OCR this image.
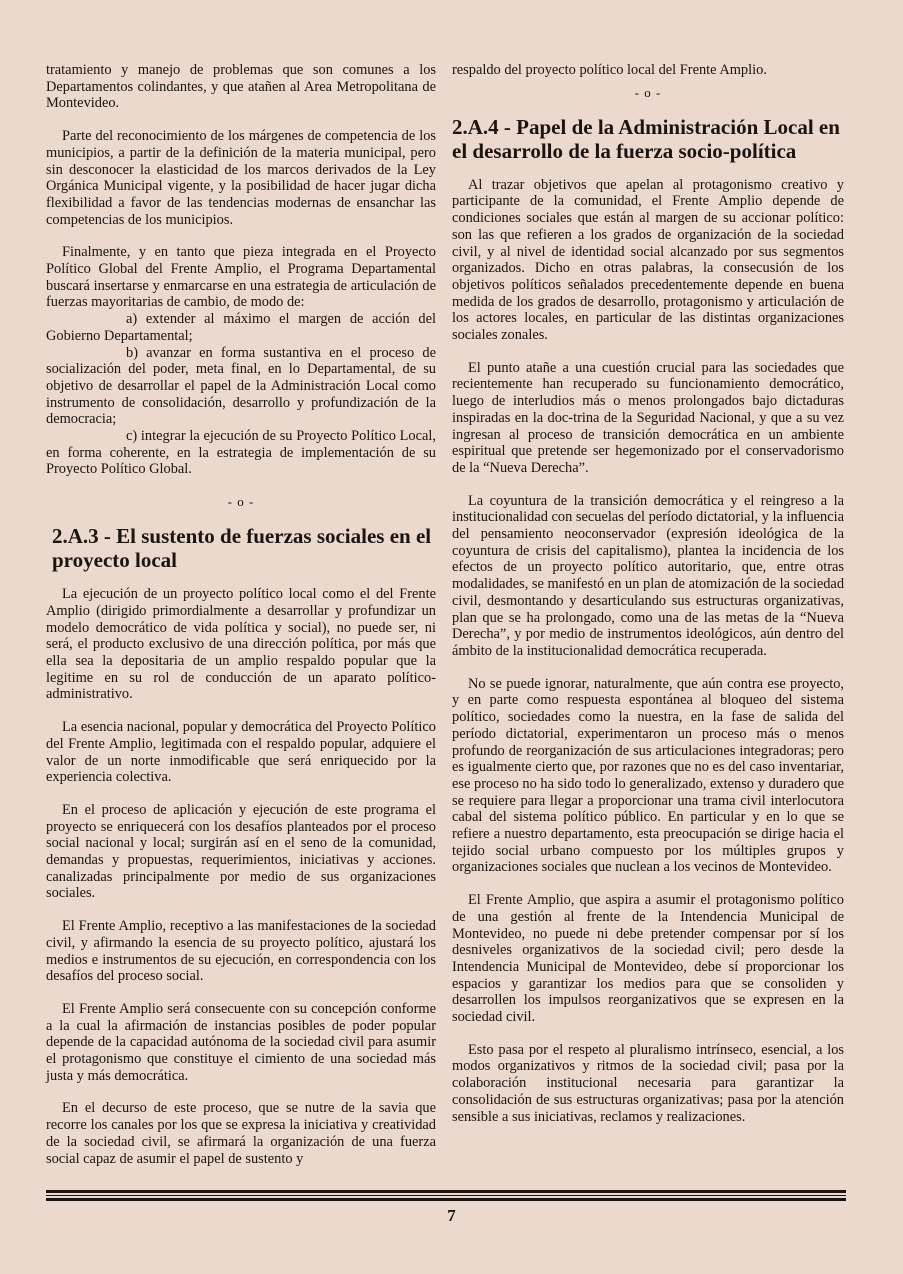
tratamiento y manejo de problemas que son comunes a los Departamentos colindantes, y que atañen al Area Metropolitana de Montevideo.

Parte del reconocimiento de los márgenes de competencia de los municipios, a partir de la definición de la materia municipal, pero sin desconocer la elasticidad de los marcos derivados de la Ley Orgánica Municipal vigente, y la posibilidad de hacer jugar dicha flexibilidad a favor de las tendencias modernas de ensanchar las competencias de los municipios.

Finalmente, y en tanto que pieza integrada en el Proyecto Político Global del Frente Amplio, el Programa Departamental buscará insertarse y enmarcarse en una estrategia de articulación de fuerzas mayoritarias de cambio, de modo de:

a) extender al máximo el margen de acción del Gobierno Departamental;
b) avanzar en forma sustantiva en el proceso de socialización del poder, meta final, en lo Departamental, de su objetivo de desarrollar el papel de la Administración Local como instrumento de consolidación, desarrollo y profundización de la democracia;
c) integrar la ejecución de su Proyecto Político Local, en forma coherente, en la estrategia de implementación de su Proyecto Político Global.
- o -
2.A.3 - El sustento de fuerzas sociales en el proyecto local

La ejecución de un proyecto político local como el del Frente Amplio (dirigido primordialmente a desarrollar y profundizar un modelo democrático de vida política y social), no puede ser, ni será, el producto exclusivo de una dirección política, por más que ella sea la depositaria de un amplio respaldo popular que la legitime en su rol de conducción de un aparato político-administrativo.

La esencia nacional, popular y democrática del Proyecto Político del Frente Amplio, legitimada con el respaldo popular, adquiere el valor de un norte inmodificable que será enriquecido por la experiencia colectiva.

En el proceso de aplicación y ejecución de este programa el proyecto se enriquecerá con los desafíos planteados por el proceso social nacional y local; surgirán así en el seno de la comunidad, demandas y propuestas, requerimientos, iniciativas y acciones. canalizadas principalmente por medio de sus organizaciones sociales.

El Frente Amplio, receptivo a las manifestaciones de la sociedad civil, y afirmando la esencia de su proyecto político, ajustará los medios e instrumentos de su ejecución, en correspondencia con los desafíos del proceso social.

El Frente Amplio será consecuente con su concepción conforme a la cual la afirmación de instancias posibles de poder popular depende de la capacidad autónoma de la sociedad civil para asumir el protagonismo que constituye el cimiento de una sociedad más justa y más democrática.

En el decurso de este proceso, que se nutre de la savia que recorre los canales por los que se expresa la iniciativa y creatividad de la sociedad civil, se afirmará la organización de una fuerza social capaz de asumir el papel de sustento y

respaldo del proyecto político local del Frente Amplio.

- o -
2.A.4 - Papel de la Administración Local en el desarrollo de la fuerza socio-política

Al trazar objetivos que apelan al protagonismo creativo y participante de la comunidad, el Frente Amplio depende de condiciones sociales que están al margen de su accionar político: son las que refieren a los grados de organización de la sociedad civil, y al nivel de identidad social alcanzado por sus segmentos organizados. Dicho en otras palabras, la consecusión de los objetivos políticos señalados precedentemente depende en buena medida de los grados de desarrollo, protagonismo y articulación de los actores locales, en particular de las distintas organizaciones sociales zonales.

El punto atañe a una cuestión crucial para las sociedades que recientemente han recuperado su funcionamiento democrático, luego de interludios más o menos prolongados bajo dictaduras inspiradas en la doc-trina de la Seguridad Nacional, y que a su vez ingresan al proceso de transición democrática en un ambiente espiritual que pretende ser hegemonizado por el conservadorismo de la “Nueva Derecha”.

La coyuntura de la transición democrática y el reingreso a la institucionalidad con secuelas del período dictatorial, y la influencia del pensamiento neoconservador (expresión ideológica de la coyuntura de crisis del capitalismo), plantea la incidencia de los efectos de un proyecto político autoritario, que, entre otras modalidades, se manifestó en un plan de atomización de la sociedad civil, desmontando y desarticulando sus estructuras organizativas, plan que se ha prolongado, como una de las metas de la “Nueva Derecha”, y por medio de instrumentos ideológicos, aún dentro del ámbito de la institucionalidad democrática recuperada.

No se puede ignorar, naturalmente, que aún contra ese proyecto, y en parte como respuesta espontánea al bloqueo del sistema político, sociedades como la nuestra, en la fase de salida del período dictatorial, experimentaron un proceso más o menos profundo de reorganización de sus articulaciones integradoras; pero es igualmente cierto que, por razones que no es del caso inventariar, ese proceso no ha sido todo lo generalizado, extenso y duradero que se requiere para llegar a proporcionar una trama civil interlocutora cabal del sistema político público. En particular y en lo que se refiere a nuestro departamento, esta preocupación se dirige hacia el tejido social urbano compuesto por los múltiples grupos y organizaciones sociales que nuclean a los vecinos de Montevideo.

El Frente Amplio, que aspira a asumir el protagonismo político de una gestión al frente de la Intendencia Municipal de Montevideo, no puede ni debe pretender compensar por sí los desniveles organizativos de la sociedad civil; pero desde la Intendencia Municipal de Montevideo, debe sí proporcionar los espacios y garantizar los medios para que se consoliden y desarrollen los impulsos reorganizativos que se expresen en la sociedad civil.

Esto pasa por el respeto al pluralismo intrínseco, esencial, a los modos organizativos y ritmos de la sociedad civil; pasa por la colaboración institucional necesaria para garantizar la consolidación de sus estructuras organizativas; pasa por la atención sensible a sus iniciativas, reclamos y realizaciones.

7
